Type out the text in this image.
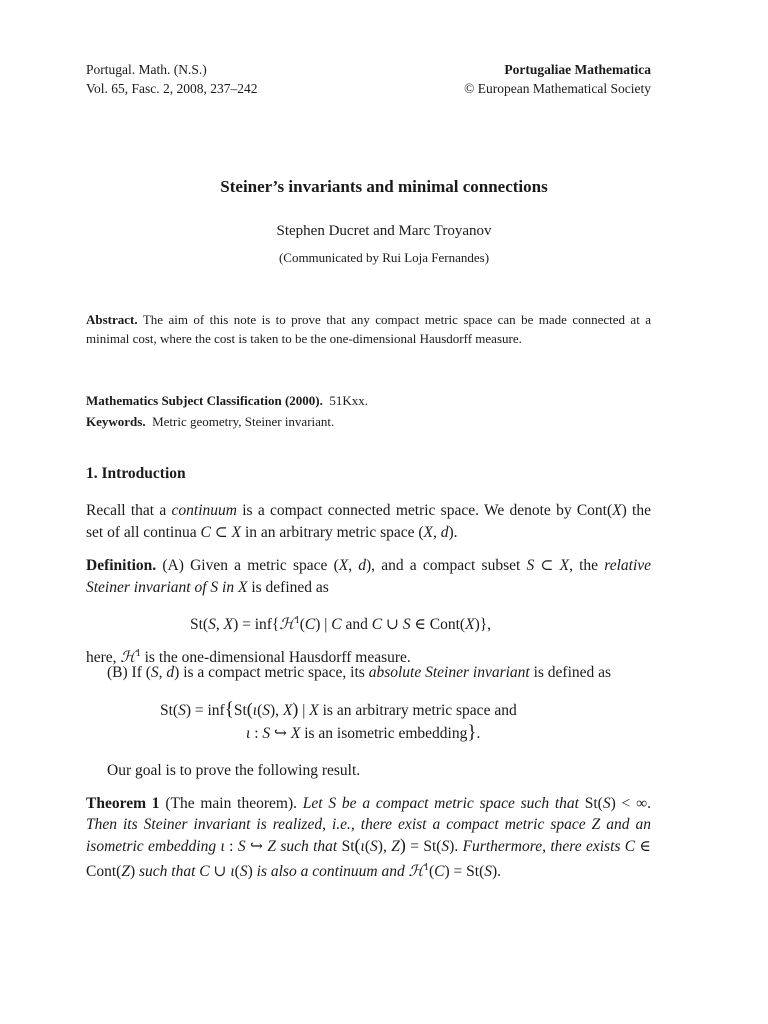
Portugal. Math. (N.S.)
Vol. 65, Fasc. 2, 2008, 237–242
Portugaliae Mathematica
© European Mathematical Society
Steiner’s invariants and minimal connections
Stephen Ducret and Marc Troyanov
(Communicated by Rui Loja Fernandes)
Abstract. The aim of this note is to prove that any compact metric space can be made connected at a minimal cost, where the cost is taken to be the one-dimensional Hausdorff measure.
Mathematics Subject Classification (2000). 51Kxx.
Keywords. Metric geometry, Steiner invariant.
1. Introduction
Recall that a continuum is a compact connected metric space. We denote by Cont(X) the set of all continua C ⊂ X in an arbitrary metric space (X, d).
Definition. (A) Given a metric space (X, d), and a compact subset S ⊂ X, the relative Steiner invariant of S in X is defined as
St(S, X) = inf{ℋ$^1$(C) | C and C ∪ S ∈ Cont(X)},
here, ℋ$^1$ is the one-dimensional Hausdorff measure.
(B) If (S, d) is a compact metric space, its absolute Steiner invariant is defined as
St(S) = inf{St(ι(S), X) | X is an arbitrary metric space and
ι : S ↪ X is an isometric embedding}.
Our goal is to prove the following result.
Theorem 1 (The main theorem). Let S be a compact metric space such that St(S) < ∞. Then its Steiner invariant is realized, i.e., there exist a compact metric space Z and an isometric embedding ι : S ↪ Z such that St(ι(S), Z) = St(S). Furthermore, there exists C ∈ Cont(Z) such that C ∪ ι(S) is also a continuum and ℋ$^1$(C) = St(S).
